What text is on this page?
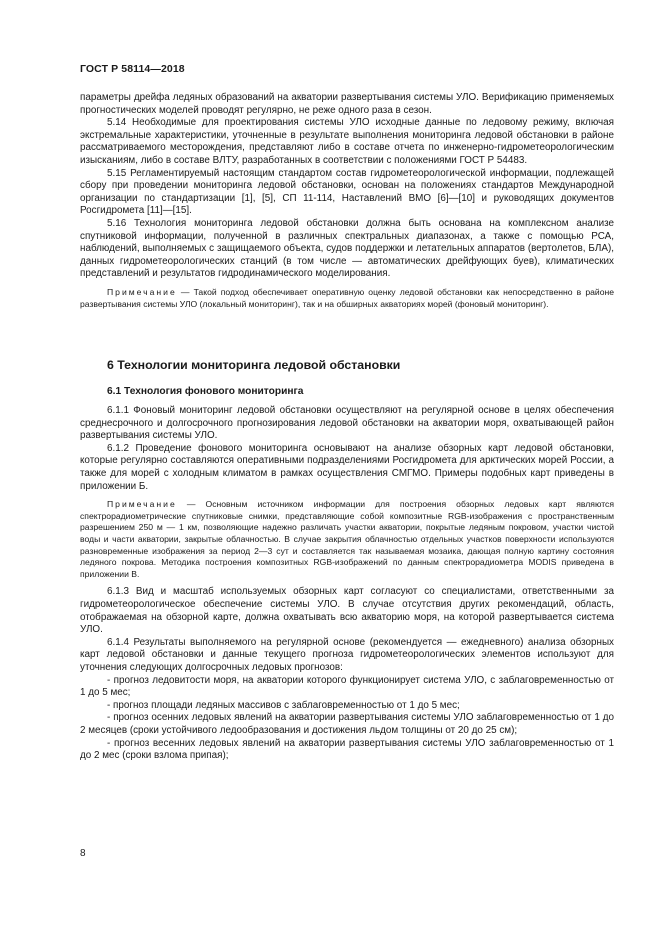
ГОСТ Р 58114—2018

параметры дрейфа ледяных образований на акватории развертывания системы УЛО. Верификацию применяемых прогностических моделей проводят регулярно, не реже одного раза в сезон.

5.14 Необходимые для проектирования системы УЛО исходные данные по ледовому режиму, включая экстремальные характеристики, уточненные в результате выполнения мониторинга ледовой обстановки в районе рассматриваемого месторождения, представляют либо в составе отчета по инженерно-гидрометеорологическим изысканиям, либо в составе ВЛТУ, разработанных в соответствии с положениями ГОСТ Р 54483.

5.15 Регламентируемый настоящим стандартом состав гидрометеорологической информации, подлежащей сбору при проведении мониторинга ледовой обстановки, основан на положениях стандартов Международной организации по стандартизации [1], [5], СП 11-114, Наставлений ВМО [6]—[10] и руководящих документов Росгидромета [11]—[15].

5.16 Технология мониторинга ледовой обстановки должна быть основана на комплексном анализе спутниковой информации, полученной в различных спектральных диапазонах, а также с помощью РСА, наблюдений, выполняемых с защищаемого объекта, судов поддержки и летательных аппаратов (вертолетов, БЛА), данных гидрометеорологических станций (в том числе — автоматических дрейфующих буев), климатических представлений и результатов гидродинамического моделирования.

Примечание — Такой подход обеспечивает оперативную оценку ледовой обстановки как непосредственно в районе развертывания системы УЛО (локальный мониторинг), так и на обширных акваториях морей (фоновый мониторинг).

6 Технологии мониторинга ледовой обстановки
6.1 Технология фонового мониторинга

6.1.1 Фоновый мониторинг ледовой обстановки осуществляют на регулярной основе в целях обеспечения среднесрочного и долгосрочного прогнозирования ледовой обстановки на акватории моря, охватывающей район развертывания системы УЛО.

6.1.2 Проведение фонового мониторинга основывают на анализе обзорных карт ледовой обстановки, которые регулярно составляются оперативными подразделениями Росгидромета для арктических морей России, а также для морей с холодным климатом в рамках осуществления СМГМО. Примеры подобных карт приведены в приложении Б.

Примечание — Основным источником информации для построения обзорных ледовых карт являются спектрорадиометрические спутниковые снимки, представляющие собой композитные RGB-изображения с пространственным разрешением 250 м — 1 км, позволяющие надежно различать участки акватории, покрытые ледяным покровом, участки чистой воды и части акватории, закрытые облачностью. В случае закрытия облачностью отдельных участков поверхности используются разновременные изображения за период 2—3 сут и составляется так называемая мозаика, дающая полную картину состояния ледяного покрова. Методика построения композитных RGB-изображений по данным спектрорадиометра MODIS приведена в приложении В.

6.1.3 Вид и масштаб используемых обзорных карт согласуют со специалистами, ответственными за гидрометеорологическое обеспечение системы УЛО. В случае отсутствия других рекомендаций, область, отображаемая на обзорной карте, должна охватывать всю акваторию моря, на которой развертывается система УЛО.

6.1.4 Результаты выполняемого на регулярной основе (рекомендуется — ежедневного) анализа обзорных карт ледовой обстановки и данные текущего прогноза гидрометеорологических элементов используют для уточнения следующих долгосрочных ледовых прогнозов:

- прогноз ледовитости моря, на акватории которого функционирует система УЛО, с заблаговременностью от 1 до 5 мес;

- прогноз площади ледяных массивов с заблаговременностью от 1 до 5 мес;

- прогноз осенних ледовых явлений на акватории развертывания системы УЛО заблаговременностью от 1 до 2 месяцев (сроки устойчивого ледообразования и достижения льдом толщины от 20 до 25 см);

- прогноз весенних ледовых явлений на акватории развертывания системы УЛО заблаговременностью от 1 до 2 мес (сроки взлома припая);

8
